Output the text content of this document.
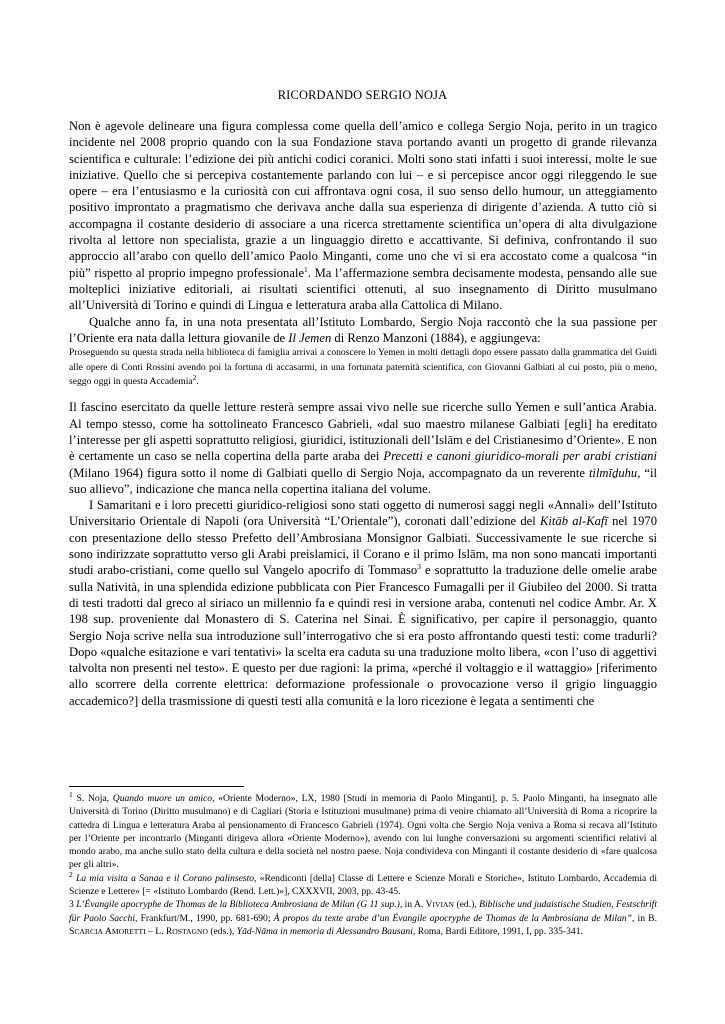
RICORDANDO SERGIO NOJA

Non è agevole delineare una figura complessa come quella dell’amico e collega Sergio Noja, perito in un tragico incidente nel 2008 proprio quando con la sua Fondazione stava portando avanti un progetto di grande rilevanza scientifica e culturale: l’edizione dei più antichi codici coranici. Molti sono stati infatti i suoi interessi, molte le sue iniziative. Quello che si percepiva costantemente parlando con lui – e si percepisce ancor oggi rileggendo le sue opere – era l’entusiasmo e la curiosità con cui affrontava ogni cosa, il suo senso dello humour, un atteggiamento positivo improntato a pragmatismo che derivava anche dalla sua esperienza di dirigente d’azienda. A tutto ciò si accompagna il costante desiderio di associare a una ricerca strettamente scientifica un’opera di alta divulgazione rivolta al lettore non specialista, grazie a un linguaggio diretto e accattivante. Si definiva, confrontando il suo approccio all’arabo con quello dell’amico Paolo Minganti, come uno che vi si era accostato come a qualcosa “in più” rispetto al proprio impegno professionale$^1$. Ma l’affermazione sembra decisamente modesta, pensando alle sue molteplici iniziative editoriali, ai risultati scientifici ottenuti, al suo insegnamento di Diritto musulmano all’Università di Torino e quindi di Lingua e letteratura araba alla Cattolica di Milano.

Qualche anno fa, in una nota presentata all’Istituto Lombardo, Sergio Noja raccontò che la sua passione per l’Oriente era nata dalla lettura giovanile de Il Jemen di Renzo Manzoni (1884), e aggiungeva:

Proseguendo su questa strada nella biblioteca di famiglia arrivai a conoscere lo Yemen in molti dettagli dopo essere passato dalla grammatica del Guidi alle opere di Conti Rossini avendo poi la fortuna di accasarmi, in una fortunata paternità scientifica, con Giovanni Galbiati al cui posto, più o meno, seggo oggi in questa Accademia$^2$.

Il fascino esercitato da quelle letture resterà sempre assai vivo nelle sue ricerche sullo Yemen e sull’antica Arabia. Al tempo stesso, come ha sottolineato Francesco Gabrieli, «dal suo maestro milanese Galbiati [egli] ha ereditato l’interesse per gli aspetti soprattutto religiosi, giuridici, istituzionali dell’Islām e del Cristianesimo d’Oriente». E non è certamente un caso se nella copertina della parte araba dei Precetti e canoni giuridico-morali per arabi cristiani (Milano 1964) figura sotto il nome di Galbiati quello di Sergio Noja, accompagnato da un reverente tilmīḏuhu, “il suo allievo”, indicazione che manca nella copertina italiana del volume.

I Samaritani e i loro precetti giuridico-religiosi sono stati oggetto di numerosi saggi negli «Annali» dell’Istituto Universitario Orientale di Napoli (ora Università “L’Orientale”), coronati dall’edizione del Kitāb al-Kafī nel 1970 con presentazione dello stesso Prefetto dell’Ambrosiana Monsignor Galbiati. Successivamente le sue ricerche si sono indirizzate soprattutto verso gli Arabi preislamici, il Corano e il primo Islām, ma non sono mancati importanti studi arabo-cristiani, come quello sul Vangelo apocrifo di Tommaso$^3$ e soprattutto la traduzione delle omelie arabe sulla Natività, in una splendida edizione pubblicata con Pier Francesco Fumagalli per il Giubileo del 2000. Si tratta di testi tradotti dal greco al siriaco un millennio fa e quindi resi in versione araba, contenuti nel codice Ambr. Ar. X 198 sup. proveniente dal Monastero di S. Caterina nel Sinai. È significativo, per capire il personaggio, quanto Sergio Noja scrive nella sua introduzione sull’interrogativo che si era posto affrontando questi testi: come tradurli? Dopo «qualche esitazione e vari tentativi» la scelta era caduta su una traduzione molto libera, «con l’uso di aggettivi talvolta non presenti nel testo». E questo per due ragioni: la prima, «perché il voltaggio e il wattaggio» [riferimento allo scorrere della corrente elettrica: deformazione professionale o provocazione verso il grigio linguaggio accademico?] della trasmissione di questi testi alla comunità e la loro ricezione è legata a sentimenti che

$^1$ S. Noja, Quando muore un amico, «Oriente Moderno», LX, 1980 [Studi in memoria di Paolo Minganti], p. 5. Paolo Minganti, ha insegnato alle Università di Torino (Diritto musulmano) e di Cagliari (Storia e Istituzioni musulmane) prima di venire chiamato all’Università di Roma a ricoprire la cattedra di Lingua e letteratura Araba al pensionamento di Francesco Gabrieli (1974). Ogni volta che Sergio Noja veniva a Roma si recava all’Istituto per l’Oriente per incontrarlo (Minganti dirigeva allora «Oriente Moderno»), avendo con lui lunghe conversazioni su argomenti scientifici relativi al mondo arabo, ma anche sullo stato della cultura e della società nel nostro paese. Noja condivideva con Minganti il costante desiderio di «fare qualcosa per gli altri».

$^2$ La mia visita a Sanaa e il Corano palinsesto, «Rendiconti [della] Classe di Lettere e Scienze Morali e Storiche», Istituto Lombardo, Accademia di Scienze e Lettere» [= «Istituto Lombardo (Rend. Lett.)»], CXXXVII, 2003, pp. 43-45.

3 L’Évangile apocryphe de Thomas de la Biblioteca Ambrosiana de Milan (G 11 sup.), in A. VIVIAN (ed.), Biblische und judaistische Studien, Festschrift für Paolo Sacchi, Frankfurt/M., 1990, pp. 681-690; À propos du texte arabe d’un Évangile apocryphe de Thomas de la Ambrosiana de Milan”, in B. SCARCIA AMORETTI – L. ROSTAGNO (eds.), Yād-Nāma in memoria di Alessandro Bausani, Roma, Bardi Editore, 1991, I, pp. 335-341.
